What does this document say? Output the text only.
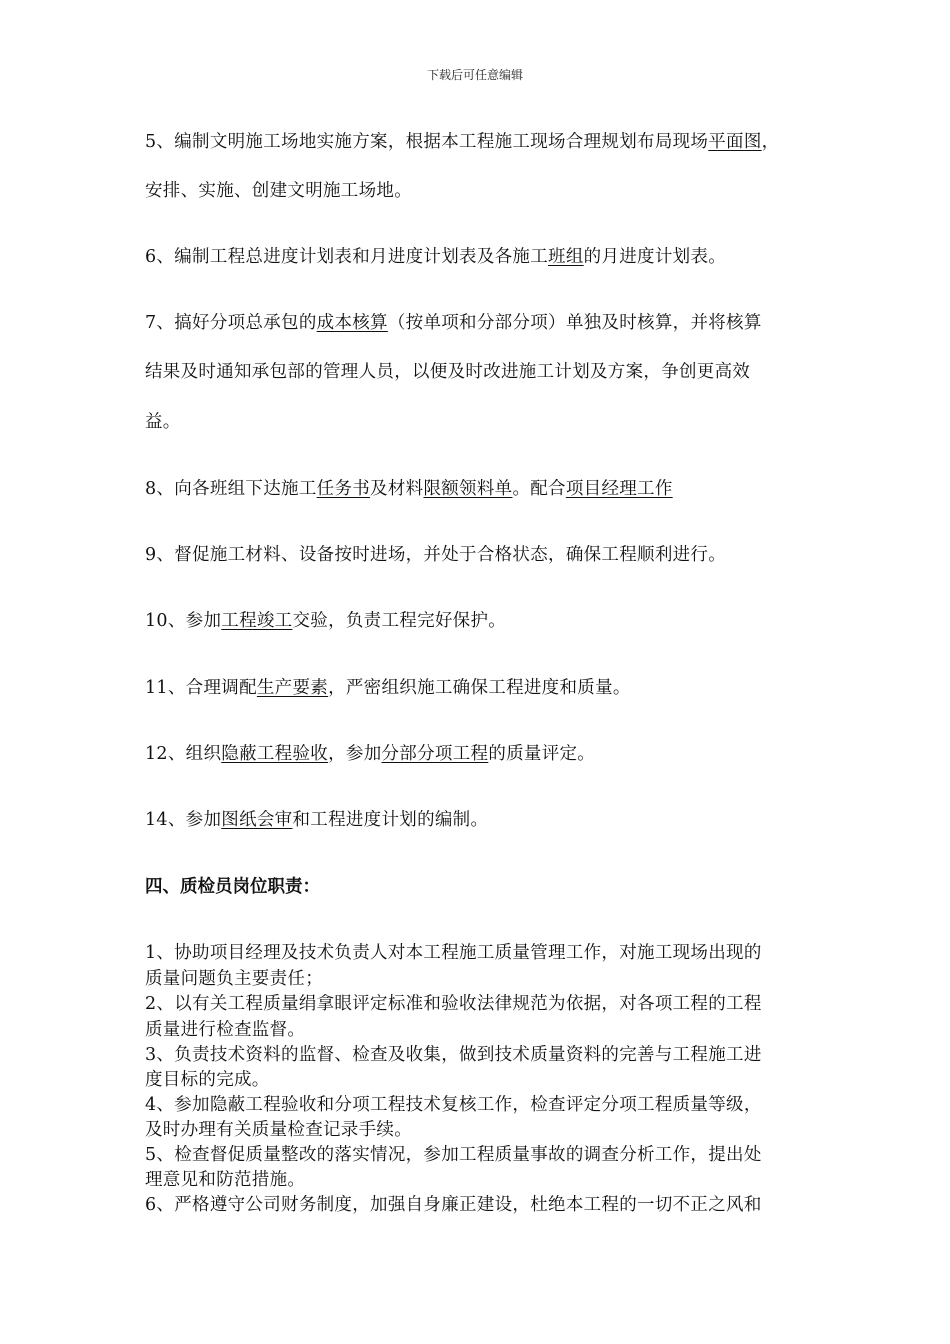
下载后可任意编辑
5、编制文明施工场地实施方案，根据本工程施工现场合理规划布局现场平面图，
安排、实施、创建文明施工场地。
6、编制工程总进度计划表和月进度计划表及各施工班组的月进度计划表。
7、搞好分项总承包的成本核算（按单项和分部分项）单独及时核算，并将核算
结果及时通知承包部的管理人员，以便及时改进施工计划及方案，争创更高效
益。
8、向各班组下达施工任务书及材料限额领料单。配合项目经理工作
9、督促施工材料、设备按时进场，并处于合格状态，确保工程顺利进行。
10、参加工程竣工交验，负责工程完好保护。
11、合理调配生产要素，严密组织施工确保工程进度和质量。
12、组织隐蔽工程验收，参加分部分项工程的质量评定。
14、参加图纸会审和工程进度计划的编制。
四、质检员岗位职责：
1、协助项目经理及技术负责人对本工程施工质量管理工作，对施工现场出现的
质量问题负主要责任；
2、以有关工程质量绢拿眼评定标准和验收法律规范为依据，对各项工程的工程
质量进行检查监督。
3、负责技术资料的监督、检查及收集，做到技术质量资料的完善与工程施工进
度目标的完成。
4、参加隐蔽工程验收和分项工程技术复核工作，检查评定分项工程质量等级，
及时办理有关质量检查记录手续。
5、检查督促质量整改的落实情况，参加工程质量事故的调查分析工作，提出处
理意见和防范措施。
6、严格遵守公司财务制度，加强自身廉正建设，杜绝本工程的一切不正之风和
